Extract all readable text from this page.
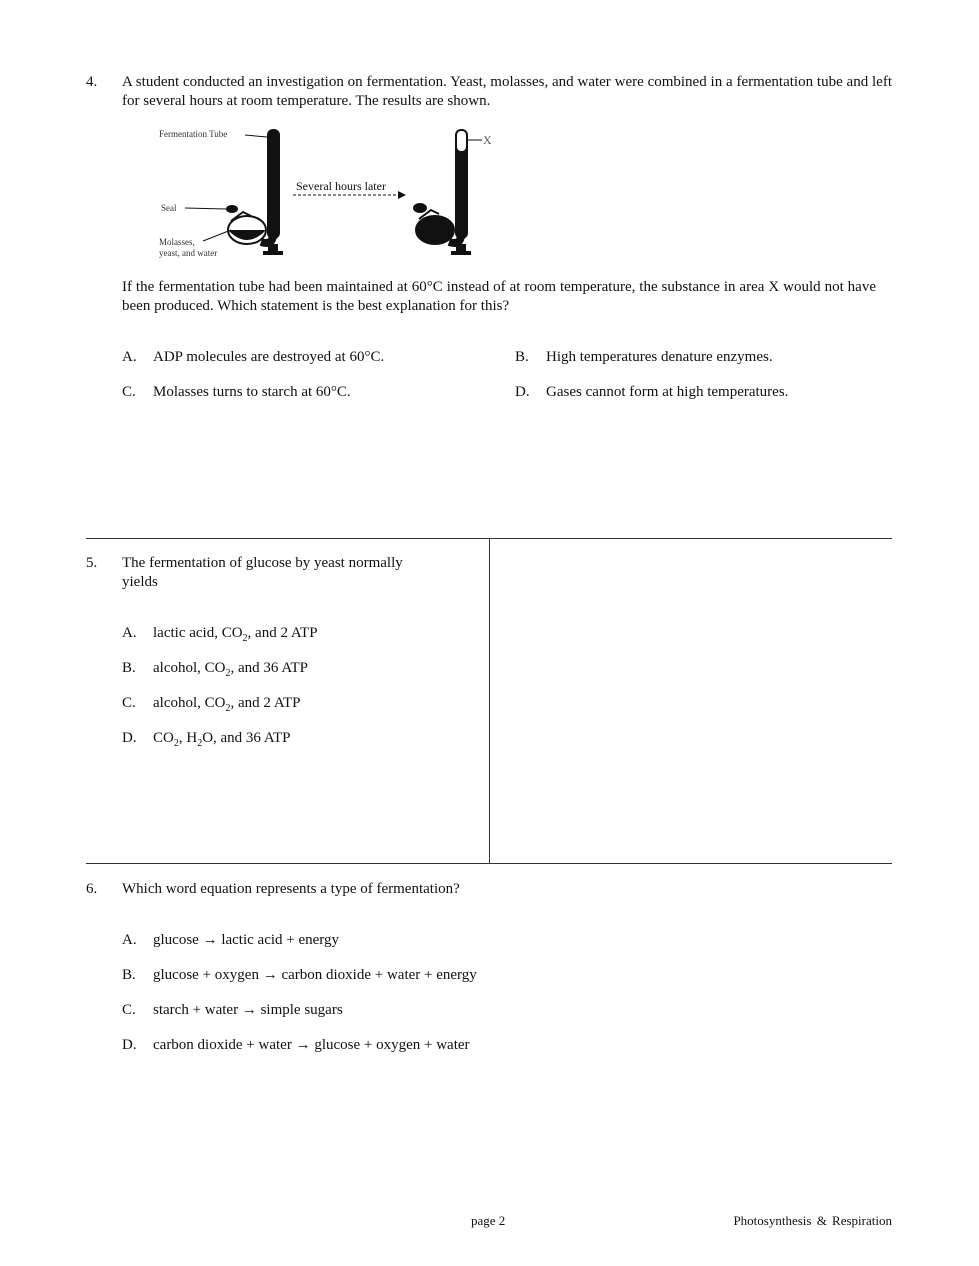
4. A student conducted an investigation on fermentation. Yeast, molasses, and water were combined in a fermentation tube and left for several hours at room temperature. The results are shown.
Fermentation Tube
Seal
Molasses,
yeast, and water
Several hours later
X
If the fermentation tube had been maintained at 60°C instead of at room temperature, the substance in area X would not have been produced. Which statement is the best explanation for this?
A. ADP molecules are destroyed at 60°C.	B. High temperatures denature enzymes.
C. Molasses turns to starch at 60°C.	D. Gases cannot form at high temperatures.
5. The fermentation of glucose by yeast normally yields
A. lactic acid, $CO_2$, and 2 ATP
B. alcohol, $CO_2$, and 36 ATP
C. alcohol, $CO_2$, and 2 ATP
D. $CO_2$, $H_2O$, and 36 ATP
6. Which word equation represents a type of fermentation?
A. glucose → lactic acid + energy
B. glucose + oxygen → carbon dioxide + water + energy
C. starch + water → simple sugars
D. carbon dioxide + water → glucose + oxygen + water
page 2	Photosynthesis & Respiration
